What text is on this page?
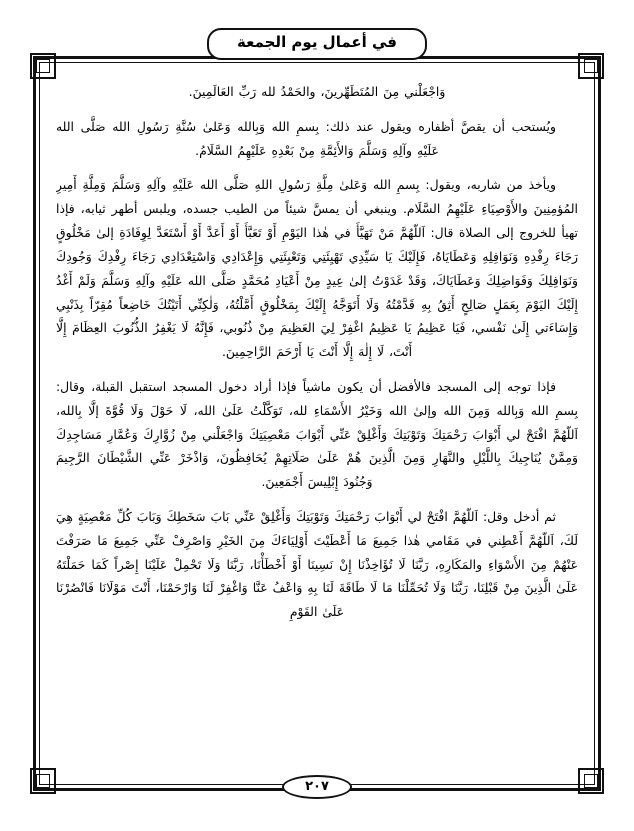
في أعمال يوم الجمعة

وَاجْعَلْني مِنَ المُتَطَهِّرينَ، والحَمْدُ لله رَبِّ العَالَمِينَ.

ويُستحب أن يقصَّ أظفاره ويقول عند ذلك: بِسمِ الله وَبِالله وَعَلىٰ سُنَّةِ رَسُولِ الله صَلَّى الله عَلَيْهِ وآلِهِ وَسَلَّمَ وَالأَئِمَّةِ مِنْ بَعْدِهِ عَلَيْهِمُ السَّلَامُ.

ويأخذ من شاربه، ويقول: بِسمِ الله وَعَلىٰ مِلَّةِ رَسُولِ اللهِ صَلَّى الله عَلَيْهِ وآلِهِ وَسَلَّمَ وَمِلَّةِ أَمِيرِ المُؤمِنِينَ والأَوْصِيَاءِ عَلَيْهِمُ السَّلَام. وينبغي أن يمسَّ شيئاً من الطيب جسده، ويلبس أطهر ثيابه، فإذا تهيأ للخروج إلى الصلاة قال: اَللّهُمَّ مَنْ تَهَيَّأَ في هٰذا اليَوْمِ أَوْ تَعَبَّأَ أَوْ أَعَدَّ أَوْ أَسْتَعَدَّ لِوِفَادَةِ إلىٰ مَخْلُوقٍ رَجَاءَ رِفْدِهِ وَنَوَافِلِهِ وَعَطَايَاهُ، فَإِلَيْكَ يَا سَيِّدِي تَهْيِئَتِي وَتَعْبِئَتِي وَإِعْدَادِي وَاسْتِعْدَادِي رَجَاءَ رِفْدِكَ وَجُودِكَ وَنَوَافِلِكَ وَفَوَاضِلِكَ وَعَطَايَاكَ، وَقَدْ غَدَوْتُ إلىٰ عِيدٍ مِنْ أَعْيَادِ مُحَمَّدٍ صَلَّى الله عَلَيْهِ وآلِهِ وَسَلَّمَ وَلَمْ أَغْدُ إِلَيْكَ اليَوْمَ بِعَمَلٍ صَالِحٍ أَثِقُ بِهِ قَدَّمْتُهُ وَلَا أَتَوَجَّهُ إِلَيْكَ بِمَخْلُوقٍ أَمَّلْتُهُ، وَلٰكِنِّي أَتَيْتُكَ خَاضِعاً مُقِرّاً بِذَنْبِي وَإِسَاءَتي إِلَىٰ نَفْسي، فَيَا عَظِيمُ يَا عَظِيمُ اغْفِرْ لِيَ العَظِيمَ مِنْ ذُنُوبي، فَإِنَّهُ لَا يَغْفِرُ الذُّنُوبَ العِظَامَ إِلَّا أَنْتَ، لَا إِلٰهَ إِلَّا أَنْتَ يَا أَرْحَمَ الرَّاحِمِينَ.

فإذا توجه إلى المسجد فالأفضل أن يكون ماشياً فإذا أراد دخول المسجد استقبل القبلة، وقال: بِسمِ الله وَبِالله وَمِنَ الله وإلىٰ الله وَخَيْرُ الأَسْمَاءِ لله، تَوَكَّلْتُ عَلَىٰ الله، لَا حَوْلَ وَلَا قُوَّةَ إلَّا بِالله، اَللّهُمَّ افْتَحْ لي أَبْوَابَ رَحْمَتِكَ وَتَوْبَتِكَ وَأَغْلِقْ عَنِّي أَبْوَابَ مَعْصِيَتِكَ وَاجْعَلْني مِنْ زُوَّارِكَ وَعُمَّارِ مَسَاجِدِكَ وَمِمَّنْ يُنَاجِيكَ بِاللَّيْلِ والنَّهَارِ وَمِنَ الَّذِينَ هُمْ عَلَىٰ صَلَاتِهِمْ يُحَافِظُونَ، وَاذْخَرْ عَنِّي الشَّيْطَانَ الرَّجِيمَ وَجُنُودَ إِبْلِيسَ أَجْمَعِينَ.

ثم أدخل وقل: اَللّهُمَّ افْتَحْ لي أَبْوَابَ رَحْمَتِكَ وَتَوْبَتِكَ وَأَغْلِقْ عَنِّي بَابَ سَخَطِكَ وَبَابَ كُلِّ مَعْصِيَةٍ هِيَ لَكَ، اَللّهُمَّ أَعْطِني في مَقَامي هٰذا جَمِيعَ مَا أَعْطَيْتَ أَوْلِيَاءَكَ مِنَ الخَيْرِ وَاصْرِفْ عَنِّي جَمِيعَ مَا صَرَفْتَ عَنْهُمْ مِنَ الأَسْوَاءِ والمَكَارِهِ، رَبَّنَا لَا تُؤَاخِذْنَا إِنْ نَسِينَا أَوْ أَخْطَأْنَا، رَبَّنَا وَلَا تَحْمِلْ عَلَيْنَا إِصْراً كَمَا حَمَلْتَهُ عَلَىٰ الَّذِينَ مِنْ قَبْلِنَا، رَبَّنَا وَلَا تُحَمِّلْنَا مَا لَا طَاقَةَ لَنَا بِهِ وَاعْفُ عَنَّا وَاغْفِرْ لَنَا وَارْحَمْنَا، أَنْتَ مَوْلَانَا فَانْصُرْنَا عَلَىٰ القَوْمِ

٢٠٧
